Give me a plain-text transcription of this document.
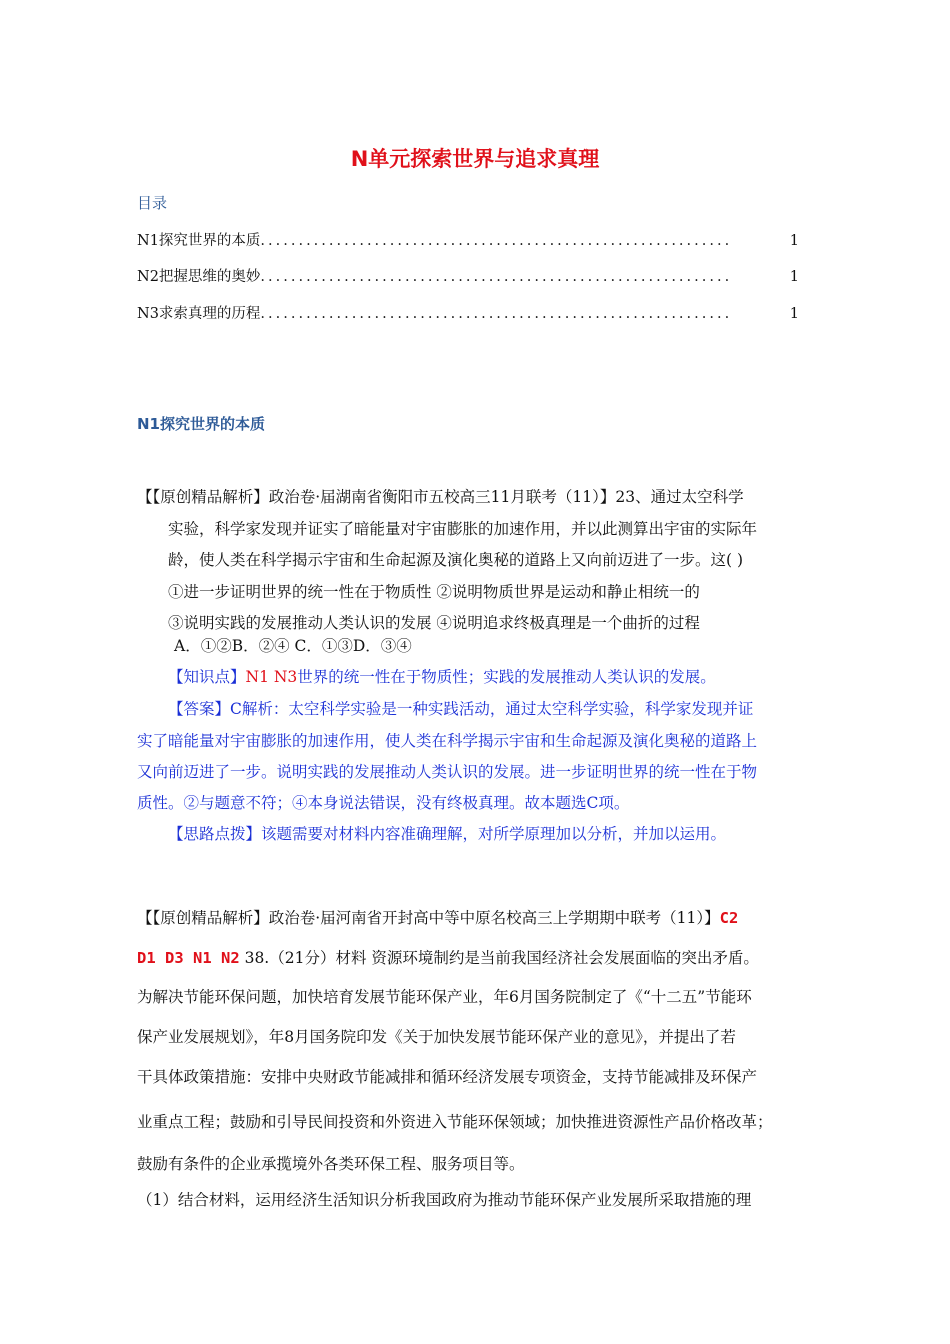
N单元探索世界与追求真理
目录
N1探究世界的本质 ..............................................................	1
N2把握思维的奥妙 ..............................................................	1
N3求索真理的历程 ..............................................................	1
N1探究世界的本质
【【原创精品解析】政治卷·届湖南省衡阳市五校高三11月联考（11）】23、通过太空科学
实验，科学家发现并证实了暗能量对宇宙膨胀的加速作用，并以此测算出宇宙的实际年
龄，使人类在科学揭示宇宙和生命起源及演化奥秘的道路上又向前迈进了一步。这( )
①进一步证明世界的统一性在于物质性 ②说明物质世界是运动和静止相统一的
③说明实践的发展推动人类认识的发展 ④说明追求终极真理是一个曲折的过程
A．①②B．②④ C．①③D．③④
【知识点】N1 N3世界的统一性在于物质性；实践的发展推动人类认识的发展。
【答案】C解析：太空科学实验是一种实践活动，通过太空科学实验，科学家发现并证
实了暗能量对宇宙膨胀的加速作用，使人类在科学揭示宇宙和生命起源及演化奥秘的道路上
又向前迈进了一步。说明实践的发展推动人类认识的发展。进一步证明世界的统一性在于物
质性。②与题意不符；④本身说法错误，没有终极真理。故本题选C项。
【思路点拨】该题需要对材料内容准确理解，对所学原理加以分析，并加以运用。
【【原创精品解析】政治卷·届河南省开封高中等中原名校高三上学期期中联考（11）】C2
D1 D3 N1 N2 38.（21分）材料 资源环境制约是当前我国经济社会发展面临的突出矛盾。
为解决节能环保问题，加快培育发展节能环保产业，年6月国务院制定了《“十二五”节能环
保产业发展规划》，年8月国务院印发《关于加快发展节能环保产业的意见》，并提出了若
干具体政策措施：安排中央财政节能减排和循环经济发展专项资金，支持节能减排及环保产
业重点工程；鼓励和引导民间投资和外资进入节能环保领域；加快推进资源性产品价格改革；
鼓励有条件的企业承揽境外各类环保工程、服务项目等。
（1）结合材料，运用经济生活知识分析我国政府为推动节能环保产业发展所采取措施的理
